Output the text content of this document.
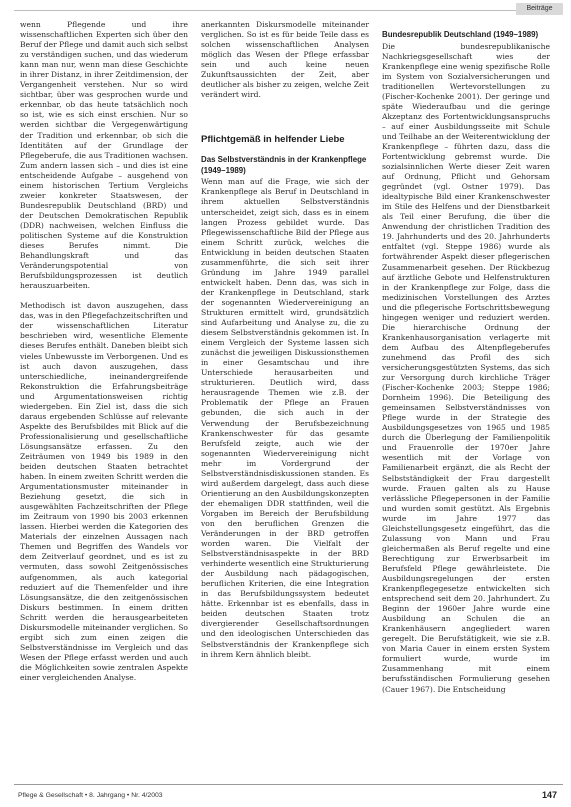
Beiträge

wenn Pflegende und ihre wissenschaftlichen Experten sich über den Beruf der Pflege und damit auch sich selbst zu verständigen suchen, und das wiederum kann man nur, wenn man diese Geschichte in ihrer Distanz, in ihrer Zeitdimension, der Vergangenheit verstehen. Nur so wird sichtbar, über was gesprochen wurde und erkennbar, ob das heute tatsächlich noch so ist, wie es sich einst erschien. Nur so werden sichtbar die Vergegenwärtigung der Tradition und erkennbar, ob sich die Identitäten auf der Grundlage der Pflegeberufe, die aus Traditionen wachsen. Zum andern lassen sich – und dies ist eine entscheidende Aufgabe – ausgehend von einem historischen Tertium Vergleichs zweier konkreter Staatswesen, der Bundesrepublik Deutschland (BRD) und der Deutschen Demokratischen Republik (DDR) nachweisen, welchen Einfluss die politischen Systeme auf die Konstruktion dieses Berufes nimmt. Die Behandlungskraft und das Veränderungspotential von Berufsbildungsprozessen ist deutlich herauszuarbeiten.

Methodisch ist davon auszugehen, dass das, was in den Pflegefachzeitschriften und der wissenschaftlichen Literatur beschrieben wird, wesentliche Elemente dieses Berufes enthält. Daneben bleibt sich vieles Unbewusste im Verborgenen. Und es ist auch davon auszugehen, dass unterschiedliche, ineinandergreifende Rekonstruktion die Erfahrungsbeiträge und Argumentationsweisen richtig wiedergeben. Ein Ziel ist, dass die sich daraus ergebenden Schlüsse auf relevante Aspekte des Berufsbildes mit Blick auf die Professionalisierung und gesellschaftliche Lösungsansätze erfassen. Zu den Zeiträumen von 1949 bis 1989 in den beiden deutschen Staaten betrachtet haben. In einem zweiten Schritt werden die Argumentationsmuster miteinander in Beziehung gesetzt, die sich in ausgewählten Fachzeitschriften der Pflege im Zeitraum von 1990 bis 2003 erkennen lassen. Hierbei werden die Kategorien des Materials der einzelnen Aussagen nach Themen und Begriffen des Wandels vor dem Zeitverlauf geordnet, und es ist zu vermuten, dass sowohl Zeitgenössisches aufgenommen, als auch kategorial reduziert auf die Themenfelder und ihre Lösungsansätze, die den zeitgenössischen Diskurs bestimmen. In einem dritten Schritt werden die herausgearbeiteten Diskursmodelle miteinander verglichen. So ergibt sich zum einen zeigen die Selbstverständnisse im Vergleich und das Wesen der Pflege erfasst werden und auch die Möglichkeiten sowie zentralen Aspekte einer vergleichenden Analyse.

anerkannten Diskursmodelle miteinander verglichen. So ist es für beide Teile dass es solchen wissenschaftlichen Analysen möglich das Wesen der Pflege erfassbar sein und auch keine neuen Zukunftsaussichten der Zeit, aber deutlicher als bisher zu zeigen, welche Zeit verändert wird.

Pflichtgemäß in helfender Liebe
Das Selbstverständnis in der Krankenpflege (1949–1989)

Wenn man auf die Frage, wie sich der Krankenpflege als Beruf in Deutschland in ihrem aktuellen Selbstverständnis unterscheidet, zeigt sich, dass es in einem langen Prozess gebildet wurde. Das Pflegewissenschaftliche Bild der Pflege aus einem Schritt zurück, welches die Entwicklung in beiden deutschen Staaten zusammenführte, die sich seit ihrer Gründung im Jahre 1949 parallel entwickelt haben. Denn das, was sich in der Krankenpflege in Deutschland, stark der sogenannten Wiedervereinigung an Strukturen ermittelt wird, grundsätzlich sind Aufarbeitung und Analyse zu, die zu diesem Selbstverständnis gekommen ist. In einem Vergleich der Systeme lassen sich zunächst die jeweiligen Diskussionsthemen in einer Gesamtschau und ihre Unterschiede herausarbeiten und strukturieren. Deutlich wird, dass herausragende Themen wie z.B. der Problematik der Pflege an Frauen gebunden, die sich auch in der Verwendung der Berufsbezeichnung Krankenschwester für das gesamte Berufsfeld zeigte, auch wie der sogenannten Wiedervereinigung nicht mehr im Vordergrund der Selbstverständnisdiskussionen standen. Es wird außerdem dargelegt, dass auch diese Orientierung an den Ausbildungskonzepten der ehemaligen DDR stattfinden, weil die Vorgaben im Bereich der Berufsbildung von den beruflichen Grenzen die Veränderungen in der BRD getroffen worden waren. Die Vielfalt der Selbstverständnisaspekte in der BRD verhinderte wesentlich eine Strukturierung der Ausbildung nach pädagogischen, beruflichen Kriterien, die eine Integration in das Berufsbildungssystem bedeutet hätte. Erkennbar ist es ebenfalls, dass in beiden deutschen Staaten trotz divergierender Gesellschaftsordnungen und den ideologischen Unterschieden das Selbstverständnis der Krankenpflege sich in ihrem Kern ähnlich bleibt.

Bundesrepublik Deutschland (1949–1989)

Die bundesrepublikanische Nachkriegsgesellschaft wies der Krankenpflege eine wenig spezifische Rolle im System von Sozialversicherungen und traditionellen Wertevorstellungen zu (Fischer-Kochenke 2001). Der geringe und späte Wiederaufbau und die geringe Akzeptanz des Fortentwicklungsanspruchs – auf einer Ausbildungsseite mit Schule und Teilhabe an der Weiterentwicklung der Krankenpflege – führten dazu, dass die Fortentwicklung gebremst wurde. Die sozialsinnlichen Werte dieser Zeit waren auf Ordnung, Pflicht und Gehorsam gegründet (vgl. Ostner 1979). Das idealtypische Bild einer Krankenschwester im Stile des Helfens und der Dienstbarkeit als Teil einer Berufung, die über die Anwendung der christlichen Tradition des 19. Jahrhunderts und des 20. Jahrhunderts entfaltet (vgl. Steppe 1986) wurde als fortwährender Aspekt dieser pflegerischen Zusammenarbeit gesehen. Der Rückbezug auf ärztliche Gebote und Helfenstrukturen in der Krankenpflege zur Folge, dass die medizinischen Vorstellungen des Arztes und die pflegerische Fortschrittsbewegung hingegen weniger und reduziert werden. Die hierarchische Ordnung der Krankenhausorganisation verlagerte mit dem Aufbau des Altenpflegeberufes zunehmend das Profil des sich versicherungsgestützten Systems, das sich zur Versorgung durch kirchliche Träger (Fischer-Kochenke 2003; Steppe 1986; Dornheim 1996). Die Beteiligung des gemeinsamen Selbstverständnisses von Pflege wurde in der Strategie des Ausbildungsgesetzes von 1965 und 1985 durch die Überlegung der Familienpolitik und Frauenrolle der 1970er Jahre wesentlich mit der Vorlage von Familienarbeit ergänzt, die als Recht der Selbstständigkeit der Frau dargestellt wurde. Frauen galten als zu Hause verlässliche Pflegepersonen in der Familie und wurden somit gestützt. Als Ergebnis wurde im Jahre 1977 das Gleichstellungsgesetz eingeführt, das die Zulassung von Mann und Frau gleichermaßen als Beruf regelte und eine Berechtigung zur Erwerbsarbeit im Berufsfeld Pflege gewährleistete. Die Ausbildungsregelungen der ersten Krankenpflegegesetze entwickelten sich entsprechend seit dem 20. Jahrhundert. Zu Beginn der 1960er Jahre wurde eine Ausbildung an Schulen die an Krankenhäusern angegliedert waren geregelt. Die Berufstätigkeit, wie sie z.B. von Maria Cauer in einem ersten System formuliert wurde, wurde im Zusammenhang mit einem berufsständischen Formulierung gesehen (Cauer 1967). Die Entscheidung

Pflege & Gesellschaft • 8. Jahrgang • Nr. 4/2003	147
